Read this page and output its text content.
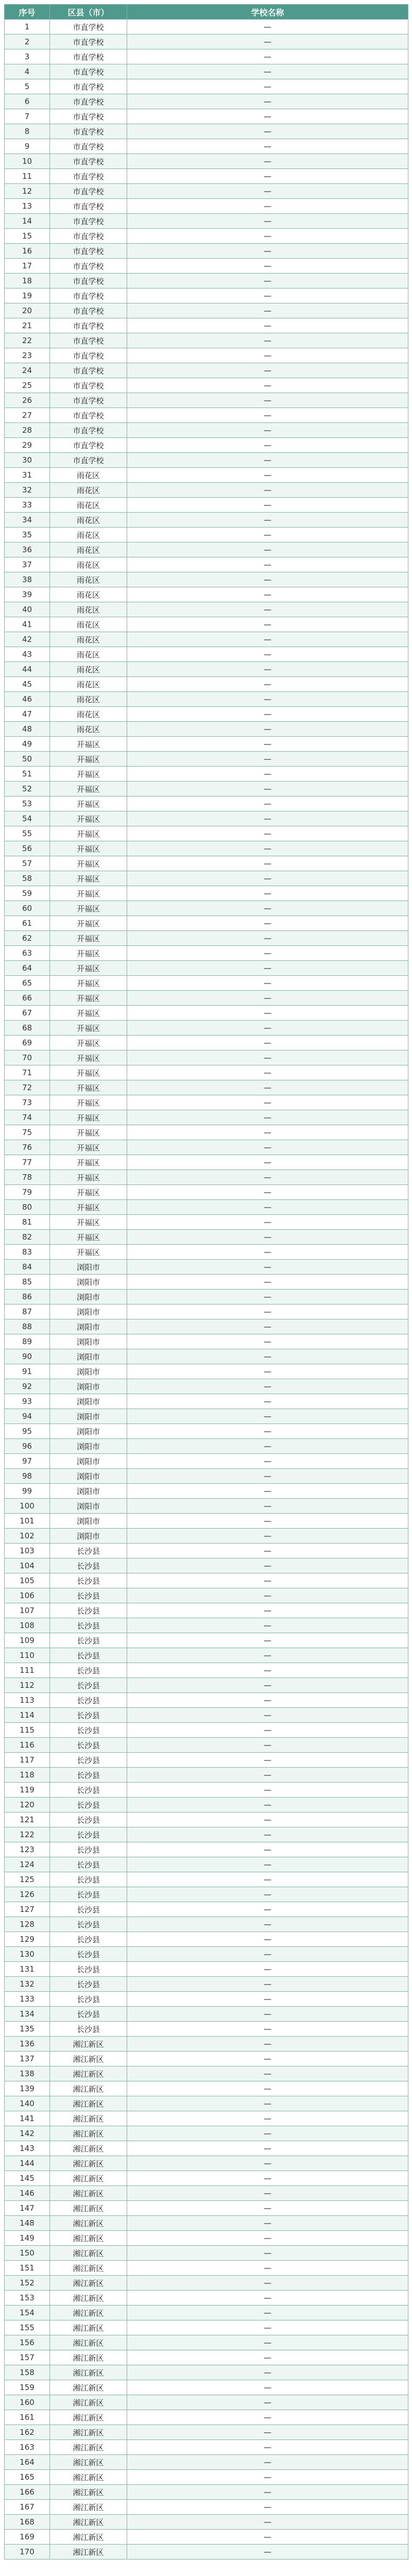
序号	区县（市）	学校名称
1	市直学校	—
2	市直学校	—
3	市直学校	—
4	市直学校	—
5	市直学校	—
6	市直学校	—
7	市直学校	—
8	市直学校	—
9	市直学校	—
10	市直学校	—
11	市直学校	—
12	市直学校	—
13	市直学校	—
14	市直学校	—
15	市直学校	—
16	市直学校	—
17	市直学校	—
18	市直学校	—
19	市直学校	—
20	市直学校	—
21	市直学校	—
22	市直学校	—
23	市直学校	—
24	市直学校	—
25	市直学校	—
26	市直学校	—
27	市直学校	—
28	市直学校	—
29	市直学校	—
30	市直学校	—
31	雨花区	—
32	雨花区	—
33	雨花区	—
34	雨花区	—
35	雨花区	—
36	雨花区	—
37	雨花区	—
38	雨花区	—
39	雨花区	—
40	雨花区	—
41	雨花区	—
42	雨花区	—
43	雨花区	—
44	雨花区	—
45	雨花区	—
46	雨花区	—
47	雨花区	—
48	雨花区	—
49	开福区	—
50	开福区	—
51	开福区	—
52	开福区	—
53	开福区	—
54	开福区	—
55	开福区	—
56	开福区	—
57	开福区	—
58	开福区	—
59	开福区	—
60	开福区	—
61	开福区	—
62	开福区	—
63	开福区	—
64	开福区	—
65	开福区	—
66	开福区	—
67	开福区	—
68	开福区	—
69	开福区	—
70	开福区	—
71	开福区	—
72	开福区	—
73	开福区	—
74	开福区	—
75	开福区	—
76	开福区	—
77	开福区	—
78	开福区	—
79	开福区	—
80	开福区	—
81	开福区	—
82	开福区	—
83	开福区	—
84	浏阳市	—
85	浏阳市	—
86	浏阳市	—
87	浏阳市	—
88	浏阳市	—
89	浏阳市	—
90	浏阳市	—
91	浏阳市	—
92	浏阳市	—
93	浏阳市	—
94	浏阳市	—
95	浏阳市	—
96	浏阳市	—
97	浏阳市	—
98	浏阳市	—
99	浏阳市	—
100	浏阳市	—
101	浏阳市	—
102	浏阳市	—
103	长沙县	—
104	长沙县	—
105	长沙县	—
106	长沙县	—
107	长沙县	—
108	长沙县	—
109	长沙县	—
110	长沙县	—
111	长沙县	—
112	长沙县	—
113	长沙县	—
114	长沙县	—
115	长沙县	—
116	长沙县	—
117	长沙县	—
118	长沙县	—
119	长沙县	—
120	长沙县	—
121	长沙县	—
122	长沙县	—
123	长沙县	—
124	长沙县	—
125	长沙县	—
126	长沙县	—
127	长沙县	—
128	长沙县	—
129	长沙县	—
130	长沙县	—
131	长沙县	—
132	长沙县	—
133	长沙县	—
134	长沙县	—
135	长沙县	—
136	湘江新区	—
137	湘江新区	—
138	湘江新区	—
139	湘江新区	—
140	湘江新区	—
141	湘江新区	—
142	湘江新区	—
143	湘江新区	—
144	湘江新区	—
145	湘江新区	—
146	湘江新区	—
147	湘江新区	—
148	湘江新区	—
149	湘江新区	—
150	湘江新区	—
151	湘江新区	—
152	湘江新区	—
153	湘江新区	—
154	湘江新区	—
155	湘江新区	—
156	湘江新区	—
157	湘江新区	—
158	湘江新区	—
159	湘江新区	—
160	湘江新区	—
161	湘江新区	—
162	湘江新区	—
163	湘江新区	—
164	湘江新区	—
165	湘江新区	—
166	湘江新区	—
167	湘江新区	—
168	湘江新区	—
169	湘江新区	—
170	湘江新区	—
